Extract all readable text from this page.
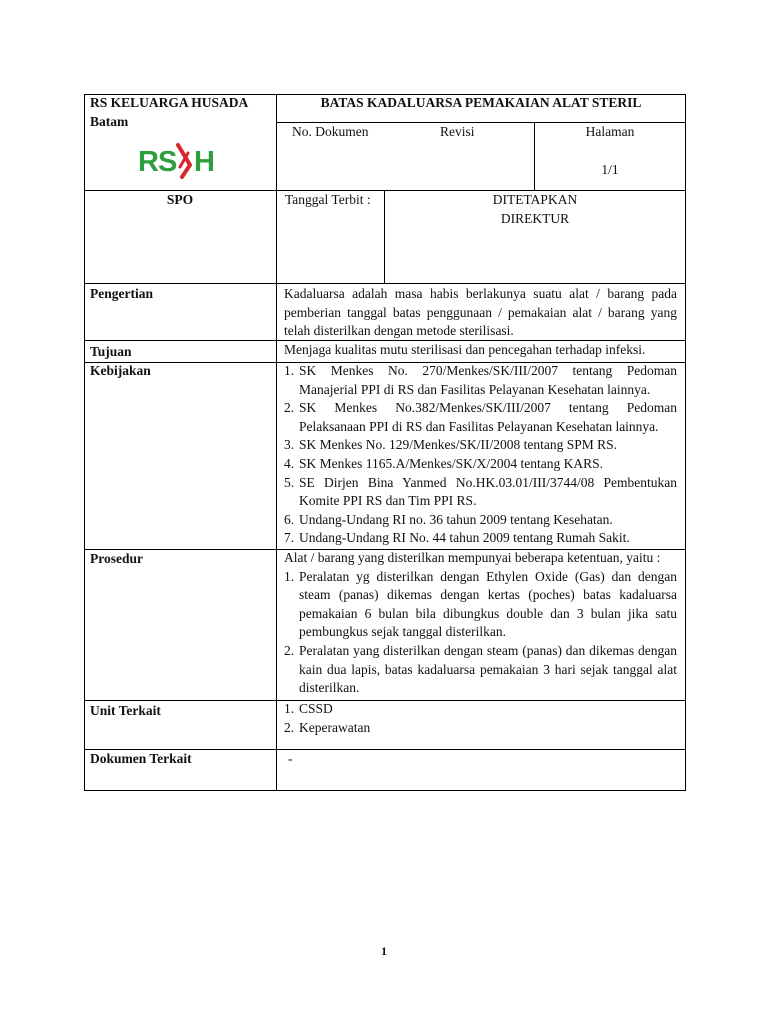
RS KELUARGA HUSADA
Batam
RS H
BATAS KADALUARSA PEMAKAIAN ALAT STERIL
No. Dokumen	Revisi	Halaman
1/1
SPO	Tanggal Terbit :	DITETAPKAN
DIREKTUR
Pengertian	Kadaluarsa adalah masa habis berlakunya suatu alat / barang pada pemberian tanggal batas penggunaan / pemakaian alat / barang yang telah disterilkan dengan metode sterilisasi.
Tujuan	Menjaga kualitas mutu sterilisasi dan pencegahan terhadap infeksi.
Kebijakan	1. SK Menkes No. 270/Menkes/SK/III/2007 tentang Pedoman Manajerial PPI di RS dan Fasilitas Pelayanan Kesehatan lainnya.
2. SK Menkes No.382/Menkes/SK/III/2007 tentang Pedoman Pelaksanaan PPI di RS dan Fasilitas Pelayanan Kesehatan lainnya.
3. SK Menkes No. 129/Menkes/SK/II/2008 tentang SPM RS.
4. SK Menkes 1165.A/Menkes/SK/X/2004 tentang KARS.
5. SE Dirjen Bina Yanmed No.HK.03.01/III/3744/08 Pembentukan Komite PPI RS dan Tim PPI RS.
6. Undang-Undang RI no. 36 tahun 2009 tentang Kesehatan.
7. Undang-Undang RI No. 44 tahun 2009 tentang Rumah Sakit.
Prosedur	Alat / barang yang disterilkan mempunyai beberapa ketentuan, yaitu :
1. Peralatan yg disterilkan dengan Ethylen Oxide (Gas) dan dengan steam (panas) dikemas dengan kertas (poches) batas kadaluarsa pemakaian 6 bulan bila dibungkus double dan 3 bulan jika satu pembungkus sejak tanggal disterilkan.
2. Peralatan yang disterilkan dengan steam (panas) dan dikemas dengan kain dua lapis, batas kadaluarsa pemakaian 3 hari sejak tanggal alat disterilkan.
Unit Terkait	1. CSSD
2. Keperawatan
Dokumen Terkait	-
1
